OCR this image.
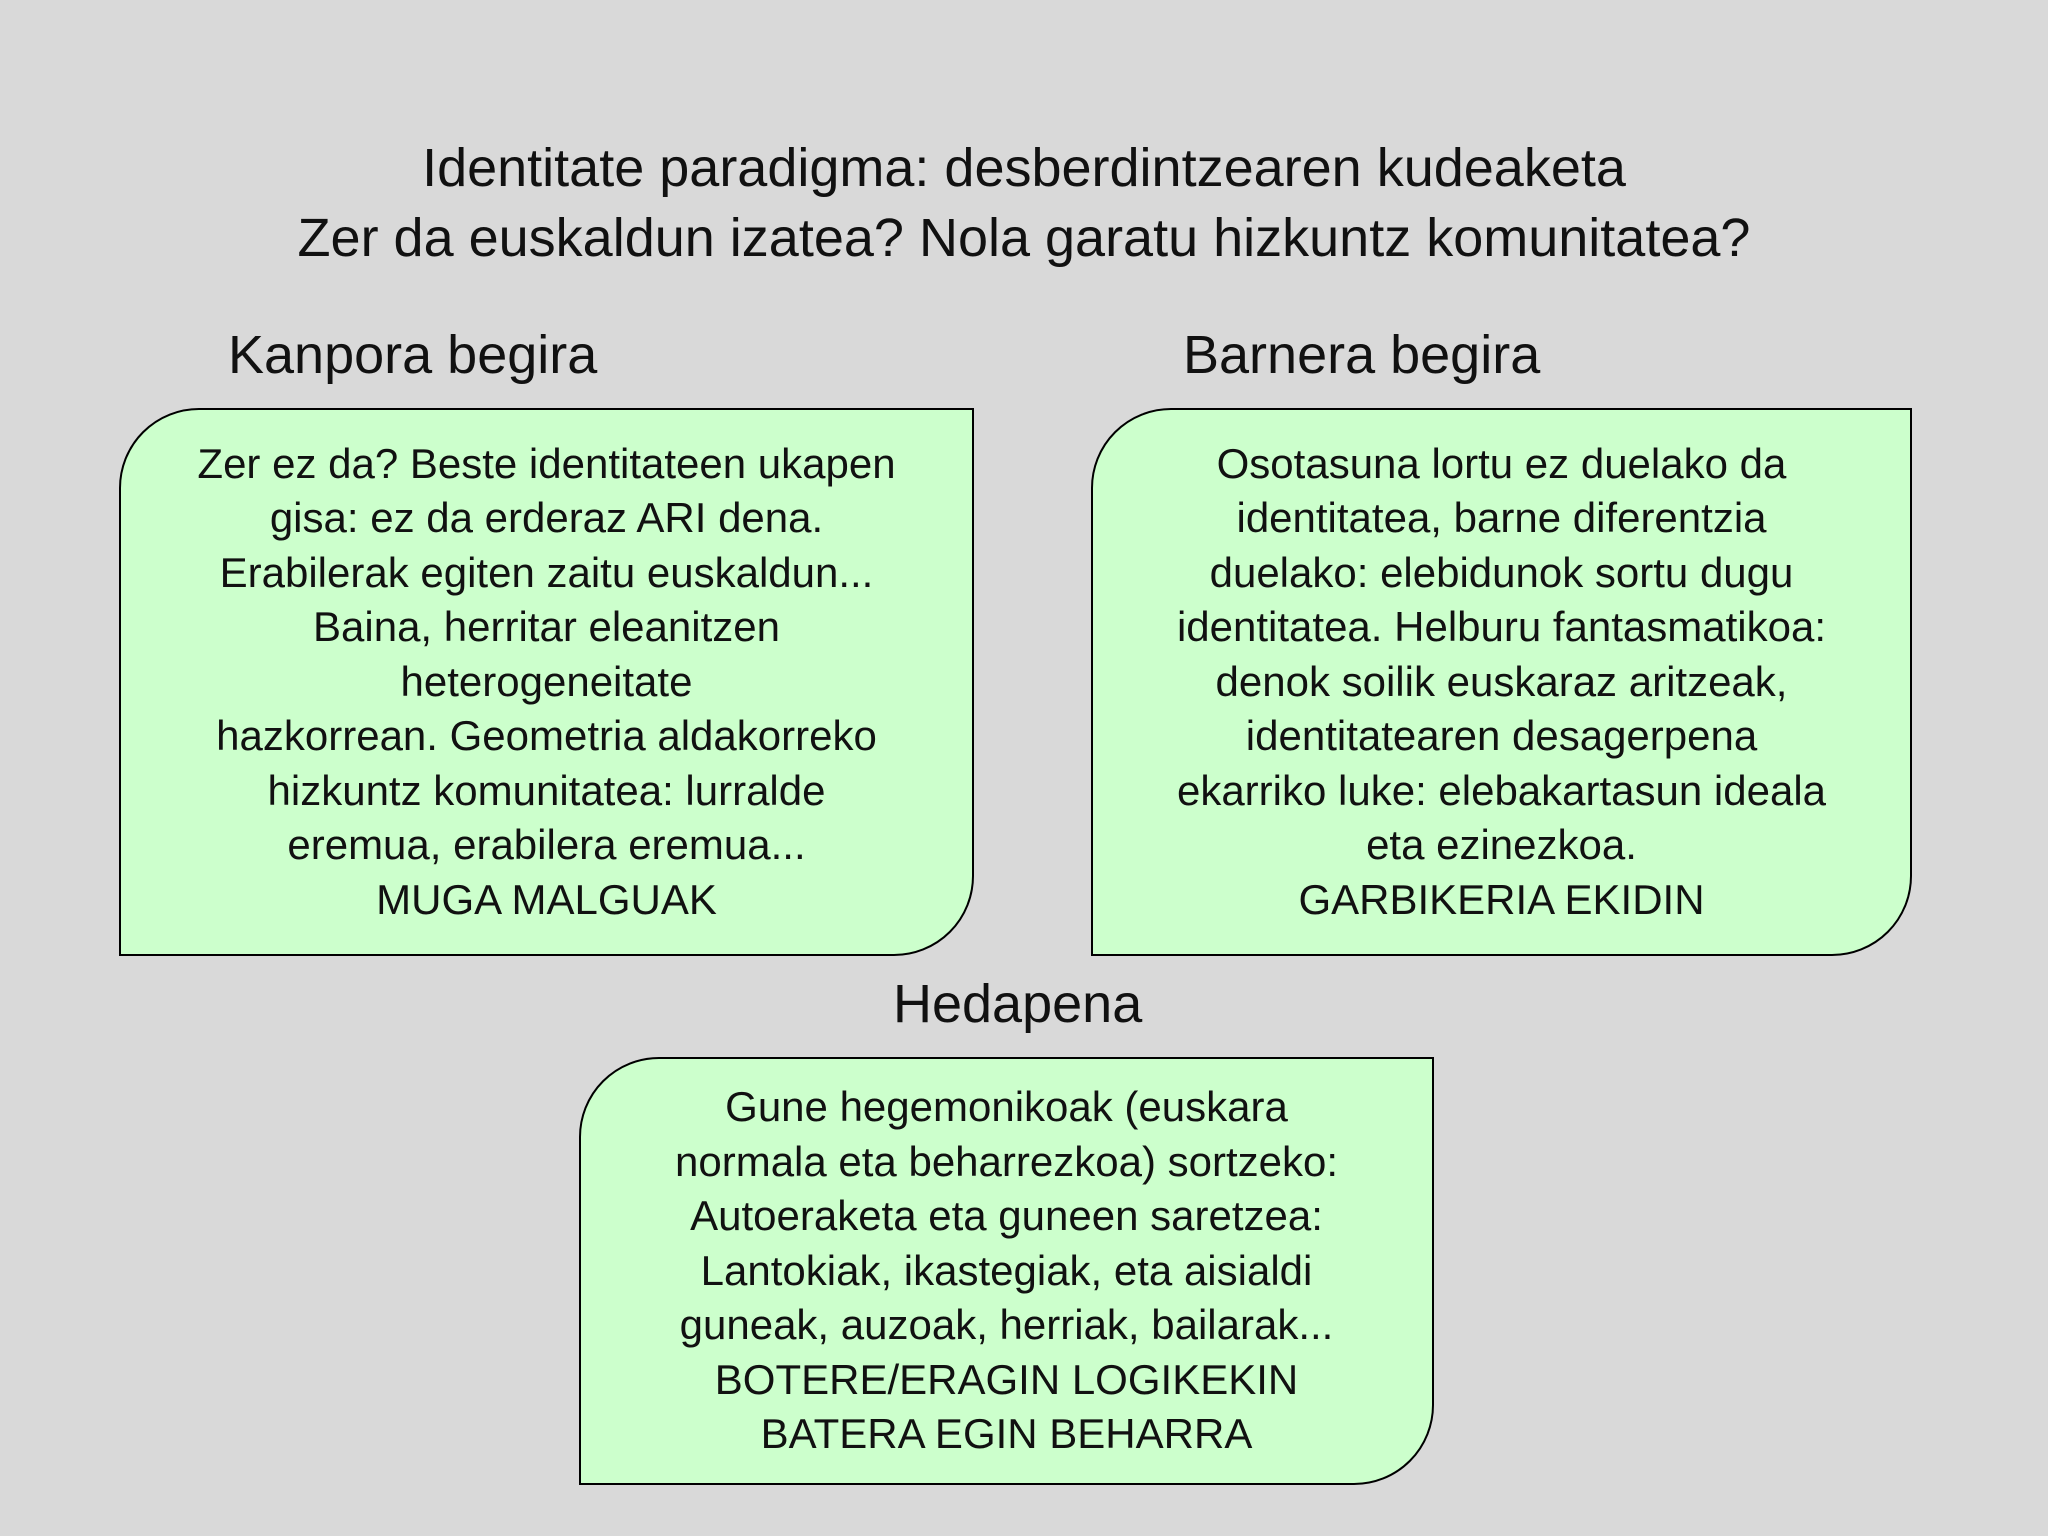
Identitate paradigma: desberdintzearen kudeaketa
Zer da euskaldun izatea? Nola garatu hizkuntz komunitatea?
Kanpora begira
Zer ez da? Beste identitateen ukapen
gisa: ez da erderaz ARI dena.
Erabilerak egiten zaitu euskaldun...
Baina, herritar eleanitzen
heterogeneitate
hazkorrean. Geometria aldakorreko
hizkuntz komunitatea: lurralde
eremua, erabilera eremua...
MUGA MALGUAK
Barnera begira
Osotasuna lortu ez duelako da
identitatea, barne diferentzia
duelako: elebidunok sortu dugu
identitatea. Helburu fantasmatikoa:
denok soilik euskaraz aritzeak,
identitatearen desagerpena
ekarriko luke: elebakartasun ideala
eta ezinezkoa.
GARBIKERIA EKIDIN
Hedapena
Gune hegemonikoak (euskara
normala eta beharrezkoa) sortzeko:
Autoeraketa eta guneen saretzea:
Lantokiak, ikastegiak, eta aisialdi
guneak, auzoak, herriak, bailarak...
BOTERE/ERAGIN LOGIKEKIN
BATERA EGIN BEHARRA
